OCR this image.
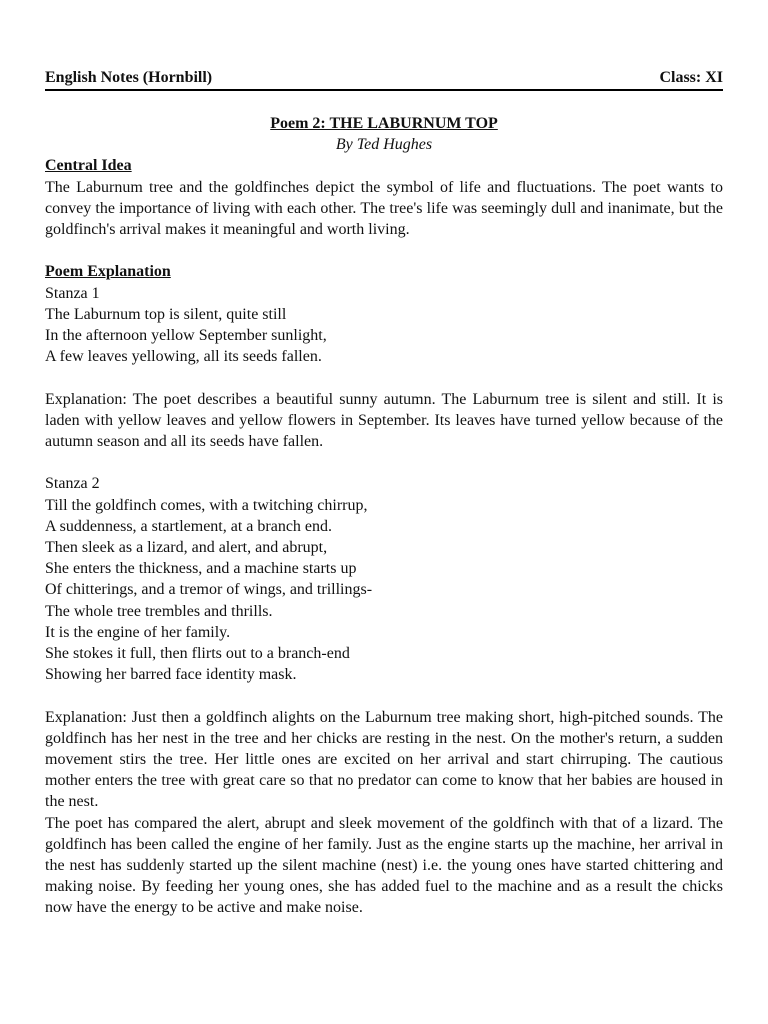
English Notes (Hornbill)	Class: XI
Poem 2: THE LABURNUM TOP
By Ted Hughes
Central Idea

The Laburnum tree and the goldfinches depict the symbol of life and fluctuations. The poet wants to convey the importance of living with each other. The tree's life was seemingly dull and inanimate, but the goldfinch's arrival makes it meaningful and worth living.

Poem Explanation
Stanza 1
The Laburnum top is silent, quite still
In the afternoon yellow September sunlight,
A few leaves yellowing, all its seeds fallen.

Explanation: The poet describes a beautiful sunny autumn. The Laburnum tree is silent and still. It is laden with yellow leaves and yellow flowers in September. Its leaves have turned yellow because of the autumn season and all its seeds have fallen.

Stanza 2
Till the goldfinch comes, with a twitching chirrup,
A suddenness, a startlement, at a branch end.
Then sleek as a lizard, and alert, and abrupt,
She enters the thickness, and a machine starts up
Of chitterings, and a tremor of wings, and trillings-
The whole tree trembles and thrills.
It is the engine of her family.
She stokes it full, then flirts out to a branch-end
Showing her barred face identity mask.

Explanation: Just then a goldfinch alights on the Laburnum tree making short, high-pitched sounds. The goldfinch has her nest in the tree and her chicks are resting in the nest. On the mother's return, a sudden movement stirs the tree. Her little ones are excited on her arrival and start chirruping. The cautious mother enters the tree with great care so that no predator can come to know that her babies are housed in the nest.

The poet has compared the alert, abrupt and sleek movement of the goldfinch with that of a lizard. The goldfinch has been called the engine of her family. Just as the engine starts up the machine, her arrival in the nest has suddenly started up the silent machine (nest) i.e. the young ones have started chittering and making noise. By feeding her young ones, she has added fuel to the machine and as a result the chicks now have the energy to be active and make noise.
